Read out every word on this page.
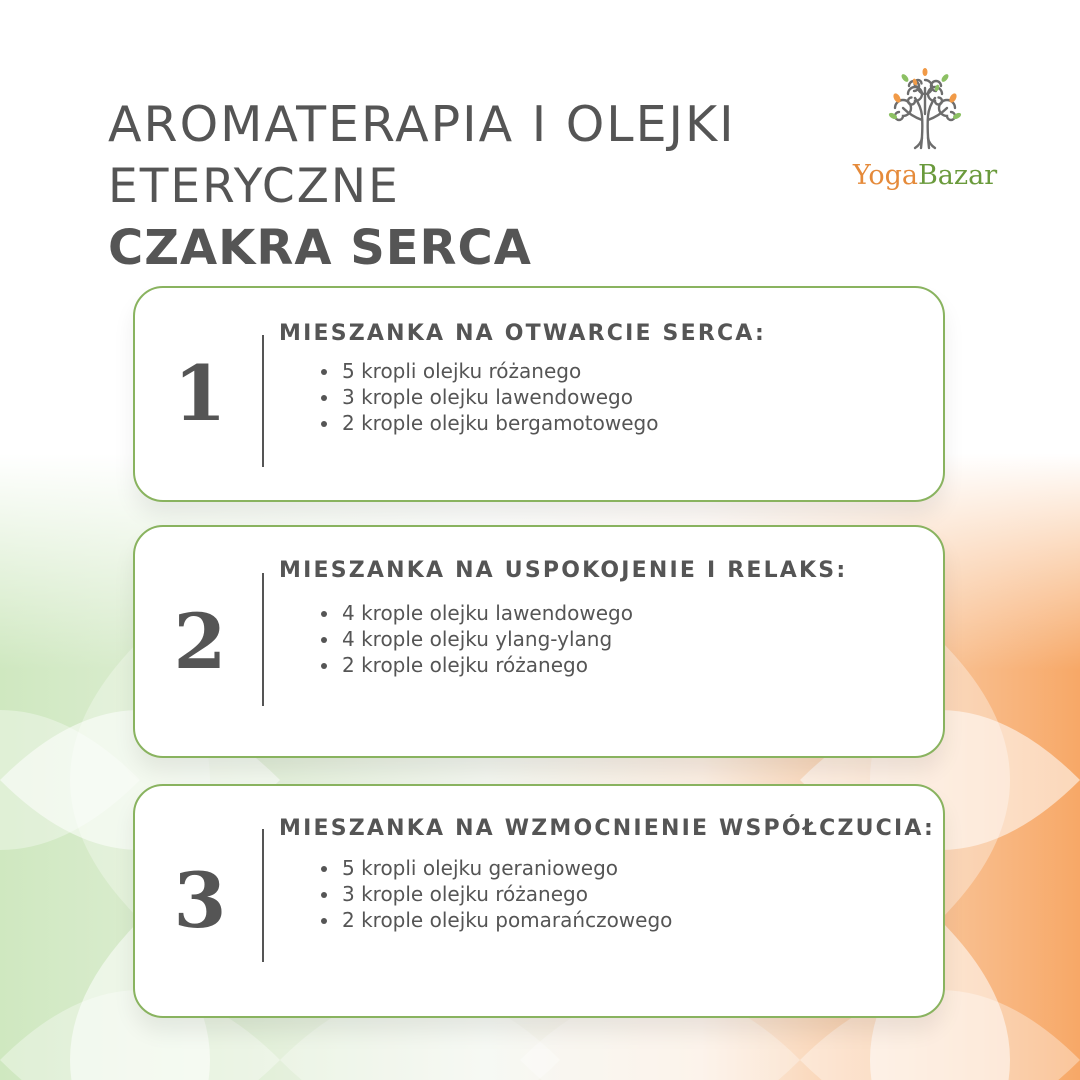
AROMATERAPIA I OLEJKI
ETERYCZNE
CZAKRA SERCA
YogaBazar
1
MIESZANKA NA OTWARCIE SERCA:
• 5 kropli olejku różanego
• 3 krople olejku lawendowego
• 2 krople olejku bergamotowego
2
MIESZANKA NA USPOKOJENIE I RELAKS:
• 4 krople olejku lawendowego
• 4 krople olejku ylang-ylang
• 2 krople olejku różanego
3
MIESZANKA NA WZMOCNIENIE WSPÓŁCZUCIA:
• 5 kropli olejku geraniowego
• 3 krople olejku różanego
• 2 krople olejku pomarańczowego
